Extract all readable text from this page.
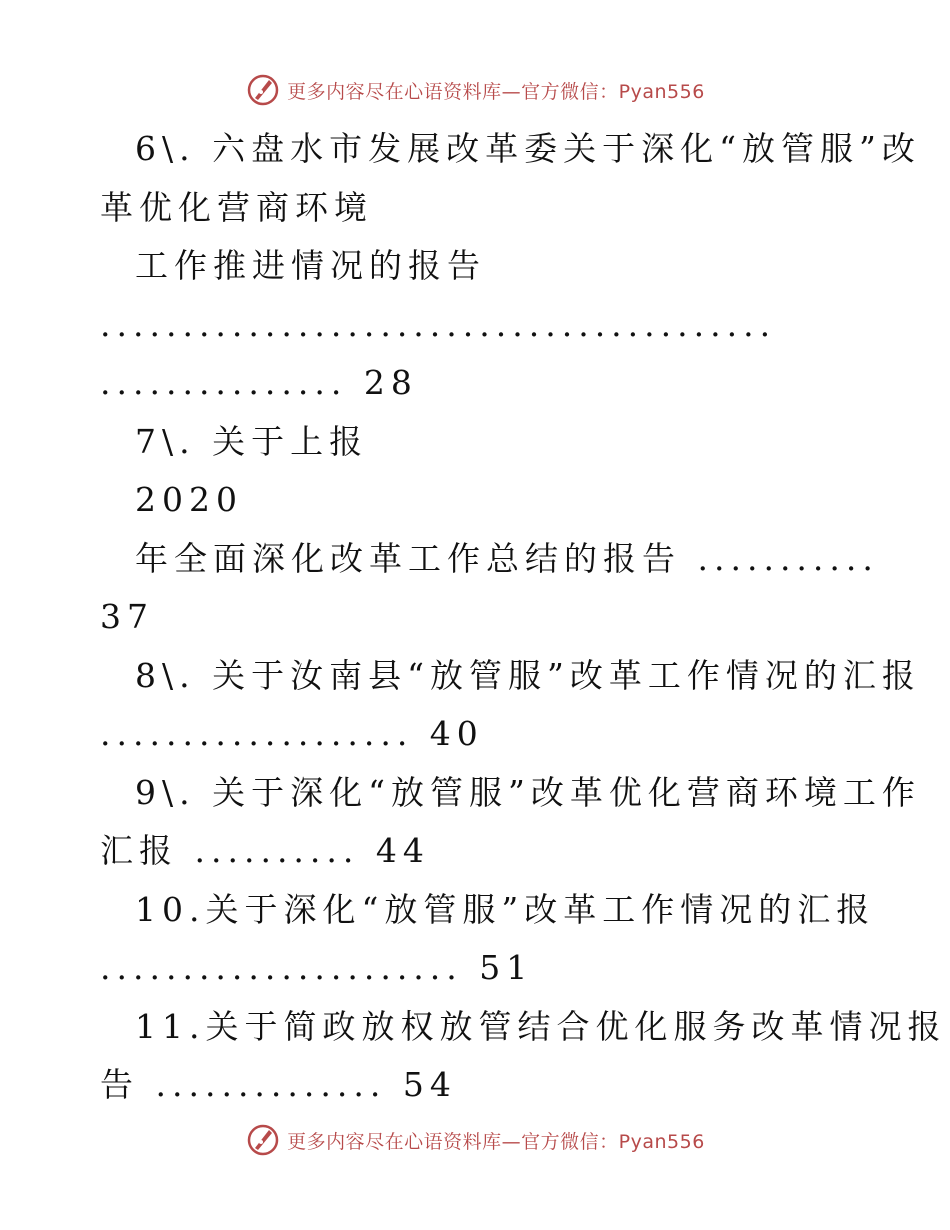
更多内容尽在心语资料库—官方微信：Pyan556
6\. 六盘水市发展改革委关于深化“放管服”改
革优化营商环境
工作推进情况的报告
.........................................
............... 28
7\. 关于上报
2020
年全面深化改革工作总结的报告 ...........
37
8\. 关于汝南县“放管服”改革工作情况的汇报
................... 40
9\. 关于深化“放管服”改革优化营商环境工作
汇报 .......... 44
10.关于深化“放管服”改革工作情况的汇报
...................... 51
11.关于简政放权放管结合优化服务改革情况报
告 .............. 54
更多内容尽在心语资料库—官方微信：Pyan556
